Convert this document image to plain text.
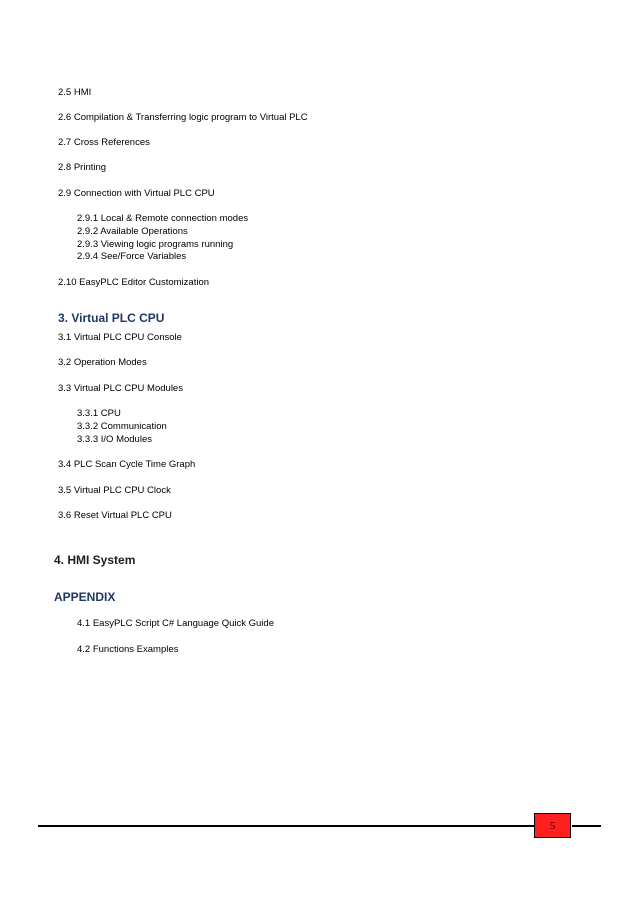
2.5 HMI
2.6 Compilation & Transferring logic program to Virtual PLC
2.7 Cross References
2.8 Printing
2.9 Connection with Virtual PLC CPU
2.9.1 Local & Remote connection modes
2.9.2 Available Operations
2.9.3 Viewing logic programs running
2.9.4 See/Force Variables
2.10 EasyPLC Editor Customization
3. Virtual PLC CPU
3.1 Virtual PLC CPU Console
3.2 Operation Modes
3.3 Virtual PLC CPU Modules
3.3.1 CPU
3.3.2 Communication
3.3.3 I/O Modules
3.4 PLC Scan Cycle Time Graph
3.5 Virtual PLC CPU Clock
3.6 Reset Virtual PLC CPU
4. HMI System
APPENDIX
4.1 EasyPLC Script C# Language Quick Guide
4.2 Functions Examples
5
